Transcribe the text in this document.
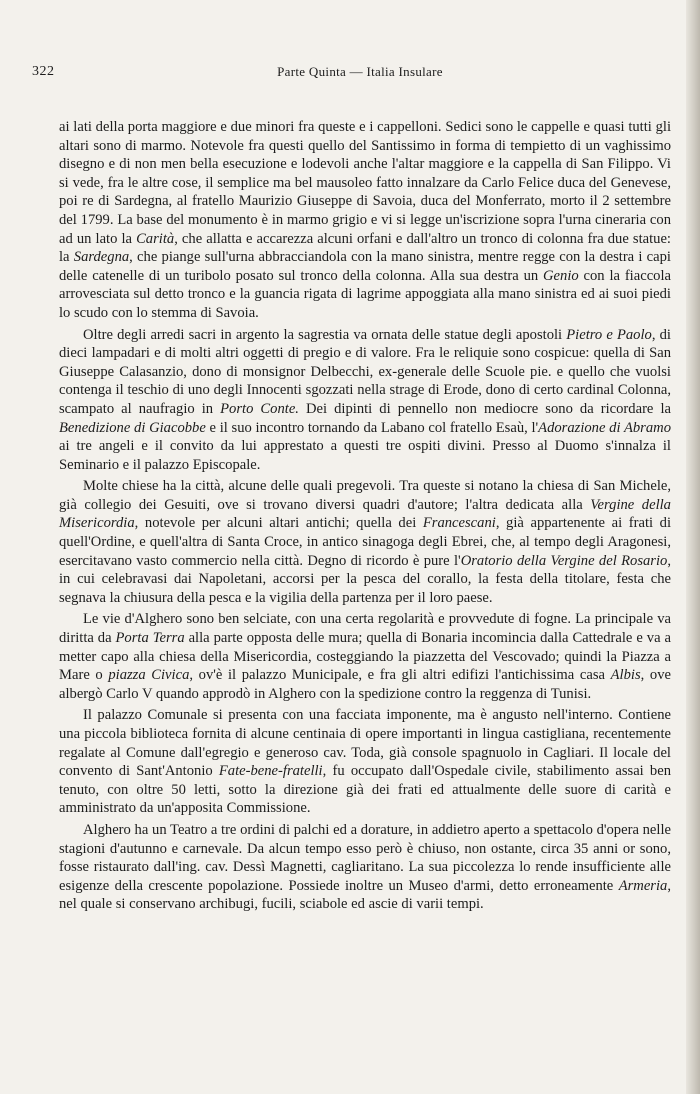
322	Parte Quinta — Italia Insulare

ai lati della porta maggiore e due minori fra queste e i cappelloni. Sedici sono le cappelle e quasi tutti gli altari sono di marmo. Notevole fra questi quello del Santissimo in forma di tempietto di un vaghissimo disegno e di non men bella esecuzione e lodevoli anche l'altar maggiore e la cappella di San Filippo. Vi si vede, fra le altre cose, il semplice ma bel mausoleo fatto innalzare da Carlo Felice duca del Genevese, poi re di Sardegna, al fratello Maurizio Giuseppe di Savoia, duca del Monferrato, morto il 2 settembre del 1799. La base del monumento è in marmo grigio e vi si legge un'iscrizione sopra l'urna cineraria con ad un lato la Carità, che allatta e accarezza alcuni orfani e dall'altro un tronco di colonna fra due statue: la Sardegna, che piange sull'urna abbracciandola con la mano sinistra, mentre regge con la destra i capi delle catenelle di un turibolo posato sul tronco della colonna. Alla sua destra un Genio con la fiaccola arrovesciata sul detto tronco e la guancia rigata di lagrime appoggiata alla mano sinistra ed ai suoi piedi lo scudo con lo stemma di Savoia.

Oltre degli arredi sacri in argento la sagrestia va ornata delle statue degli apostoli Pietro e Paolo, di dieci lampadari e di molti altri oggetti di pregio e di valore. Fra le reliquie sono cospicue: quella di San Giuseppe Calasanzio, dono di monsignor Delbecchi, ex-generale delle Scuole pie. e quello che vuolsi contenga il teschio di uno degli Innocenti sgozzati nella strage di Erode, dono di certo cardinal Colonna, scampato al naufragio in Porto Conte. Dei dipinti di pennello non mediocre sono da ricordare la Benedizione di Giacobbe e il suo incontro tornando da Labano col fratello Esaù, l'Adorazione di Abramo ai tre angeli e il convito da lui apprestato a questi tre ospiti divini. Presso al Duomo s'innalza il Seminario e il palazzo Episcopale.

Molte chiese ha la città, alcune delle quali pregevoli. Tra queste si notano la chiesa di San Michele, già collegio dei Gesuiti, ove si trovano diversi quadri d'autore; l'altra dedicata alla Vergine della Misericordia, notevole per alcuni altari antichi; quella dei Francescani, già appartenente ai frati di quell'Ordine, e quell'altra di Santa Croce, in antico sinagoga degli Ebrei, che, al tempo degli Aragonesi, esercitavano vasto commercio nella città. Degno di ricordo è pure l'Oratorio della Vergine del Rosario, in cui celebravasi dai Napoletani, accorsi per la pesca del corallo, la festa della titolare, festa che segnava la chiusura della pesca e la vigilia della partenza per il loro paese.

Le vie d'Alghero sono ben selciate, con una certa regolarità e provvedute di fogne. La principale va diritta da Porta Terra alla parte opposta delle mura; quella di Bonaria incomincia dalla Cattedrale e va a metter capo alla chiesa della Misericordia, costeggiando la piazzetta del Vescovado; quindi la Piazza a Mare o piazza Civica, ov'è il palazzo Municipale, e fra gli altri edifizi l'antichissima casa Albis, ove albergò Carlo V quando approdò in Alghero con la spedizione contro la reggenza di Tunisi.

Il palazzo Comunale si presenta con una facciata imponente, ma è angusto nell'interno. Contiene una piccola biblioteca fornita di alcune centinaia di opere importanti in lingua castigliana, recentemente regalate al Comune dall'egregio e generoso cav. Toda, già console spagnuolo in Cagliari. Il locale del convento di Sant'Antonio Fate-bene-fratelli, fu occupato dall'Ospedale civile, stabilimento assai ben tenuto, con oltre 50 letti, sotto la direzione già dei frati ed attualmente delle suore di carità e amministrato da un'apposita Commissione.

Alghero ha un Teatro a tre ordini di palchi ed a dorature, in addietro aperto a spettacolo d'opera nelle stagioni d'autunno e carnevale. Da alcun tempo esso però è chiuso, non ostante, circa 35 anni or sono, fosse ristaurato dall'ing. cav. Dessì Magnetti, cagliaritano. La sua piccolezza lo rende insufficiente alle esigenze della crescente popolazione. Possiede inoltre un Museo d'armi, detto erroneamente Armeria, nel quale si conservano archibugi, fucili, sciabole ed ascie di varii tempi.
